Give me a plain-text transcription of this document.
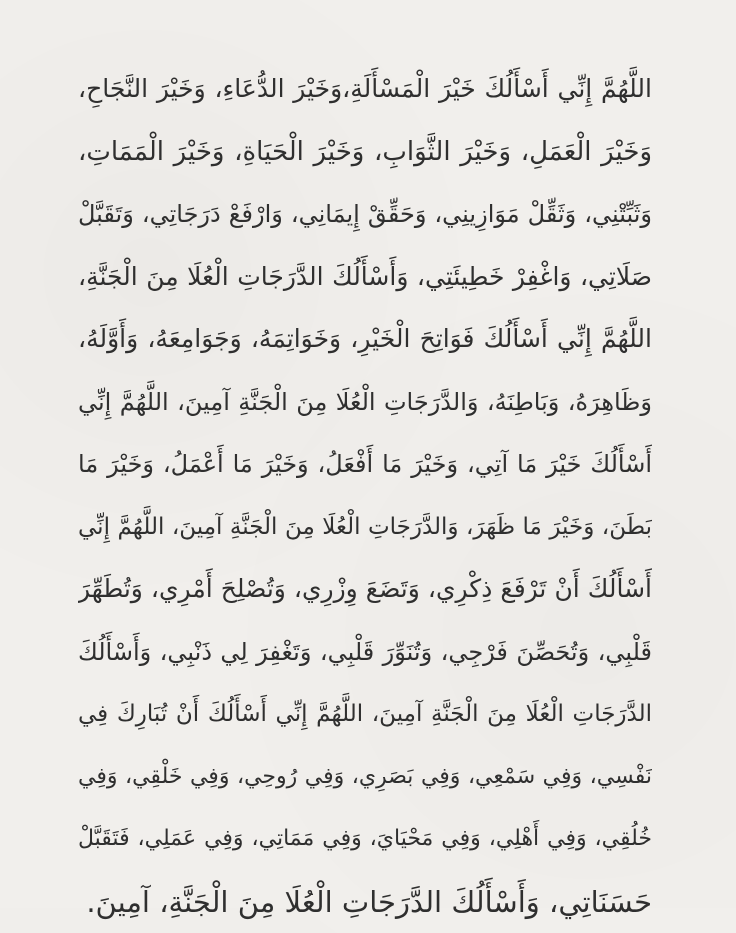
اللَّهُمَّ إِنِّي أَسْأَلُكَ خَيْرَ الْمَسْأَلَةِ،وَخَيْرَ الدُّعَاءِ، وَخَيْرَ النَّجَاحِ،
وَخَيْرَ الْعَمَلِ، وَخَيْرَ الثَّوَابِ، وَخَيْرَ الْحَيَاةِ، وَخَيْرَ الْمَمَاتِ،
وَثَبِّتْنِي، وَثَقِّلْ مَوَازِينِي، وَحَقِّقْ إِيمَانِي، وَارْفَعْ دَرَجَاتِي، وَتَقَبَّلْ
صَلَاتِي، وَاغْفِرْ خَطِيئَتِي، وَأَسْأَلُكَ الدَّرَجَاتِ الْعُلَا مِنَ الْجَنَّةِ،
اللَّهُمَّ إِنِّي أَسْأَلُكَ فَوَاتِحَ الْخَيْرِ، وَخَوَاتِمَهُ، وَجَوَامِعَهُ، وَأَوَّلَهُ،
وَظَاهِرَهُ، وَبَاطِنَهُ، وَالدَّرَجَاتِ الْعُلَا مِنَ الْجَنَّةِ آمِينَ، اللَّهُمَّ إِنِّي
أَسْأَلُكَ خَيْرَ مَا آتِي، وَخَيْرَ مَا أَفْعَلُ، وَخَيْرَ مَا أَعْمَلُ، وَخَيْرَ مَا
بَطَنَ، وَخَيْرَ مَا ظَهَرَ، وَالدَّرَجَاتِ الْعُلَا مِنَ الْجَنَّةِ آمِينَ، اللَّهُمَّ إِنِّي
أَسْأَلُكَ أَنْ تَرْفَعَ ذِكْرِي، وَتَضَعَ وِزْرِي، وَتُصْلِحَ أَمْرِي، وَتُطَهِّرَ
قَلْبِي، وَتُحَصِّنَ فَرْجِي، وَتُنَوِّرَ قَلْبِي، وَتَغْفِرَ لِي ذَنْبِي، وَأَسْأَلُكَ
الدَّرَجَاتِ الْعُلَا مِنَ الْجَنَّةِ آمِينَ، اللَّهُمَّ إِنِّي أَسْأَلُكَ أَنْ تُبَارِكَ فِي
نَفْسِي، وَفِي سَمْعِي، وَفِي بَصَرِي، وَفِي رُوحِي، وَفِي خَلْقِي، وَفِي
خُلُقِي، وَفِي أَهْلِي، وَفِي مَحْيَايَ، وَفِي مَمَاتِي، وَفِي عَمَلِي، فَتَقَبَّلْ
حَسَنَاتِي، وَأَسْأَلُكَ الدَّرَجَاتِ الْعُلَا مِنَ الْجَنَّةِ، آمِينَ.
